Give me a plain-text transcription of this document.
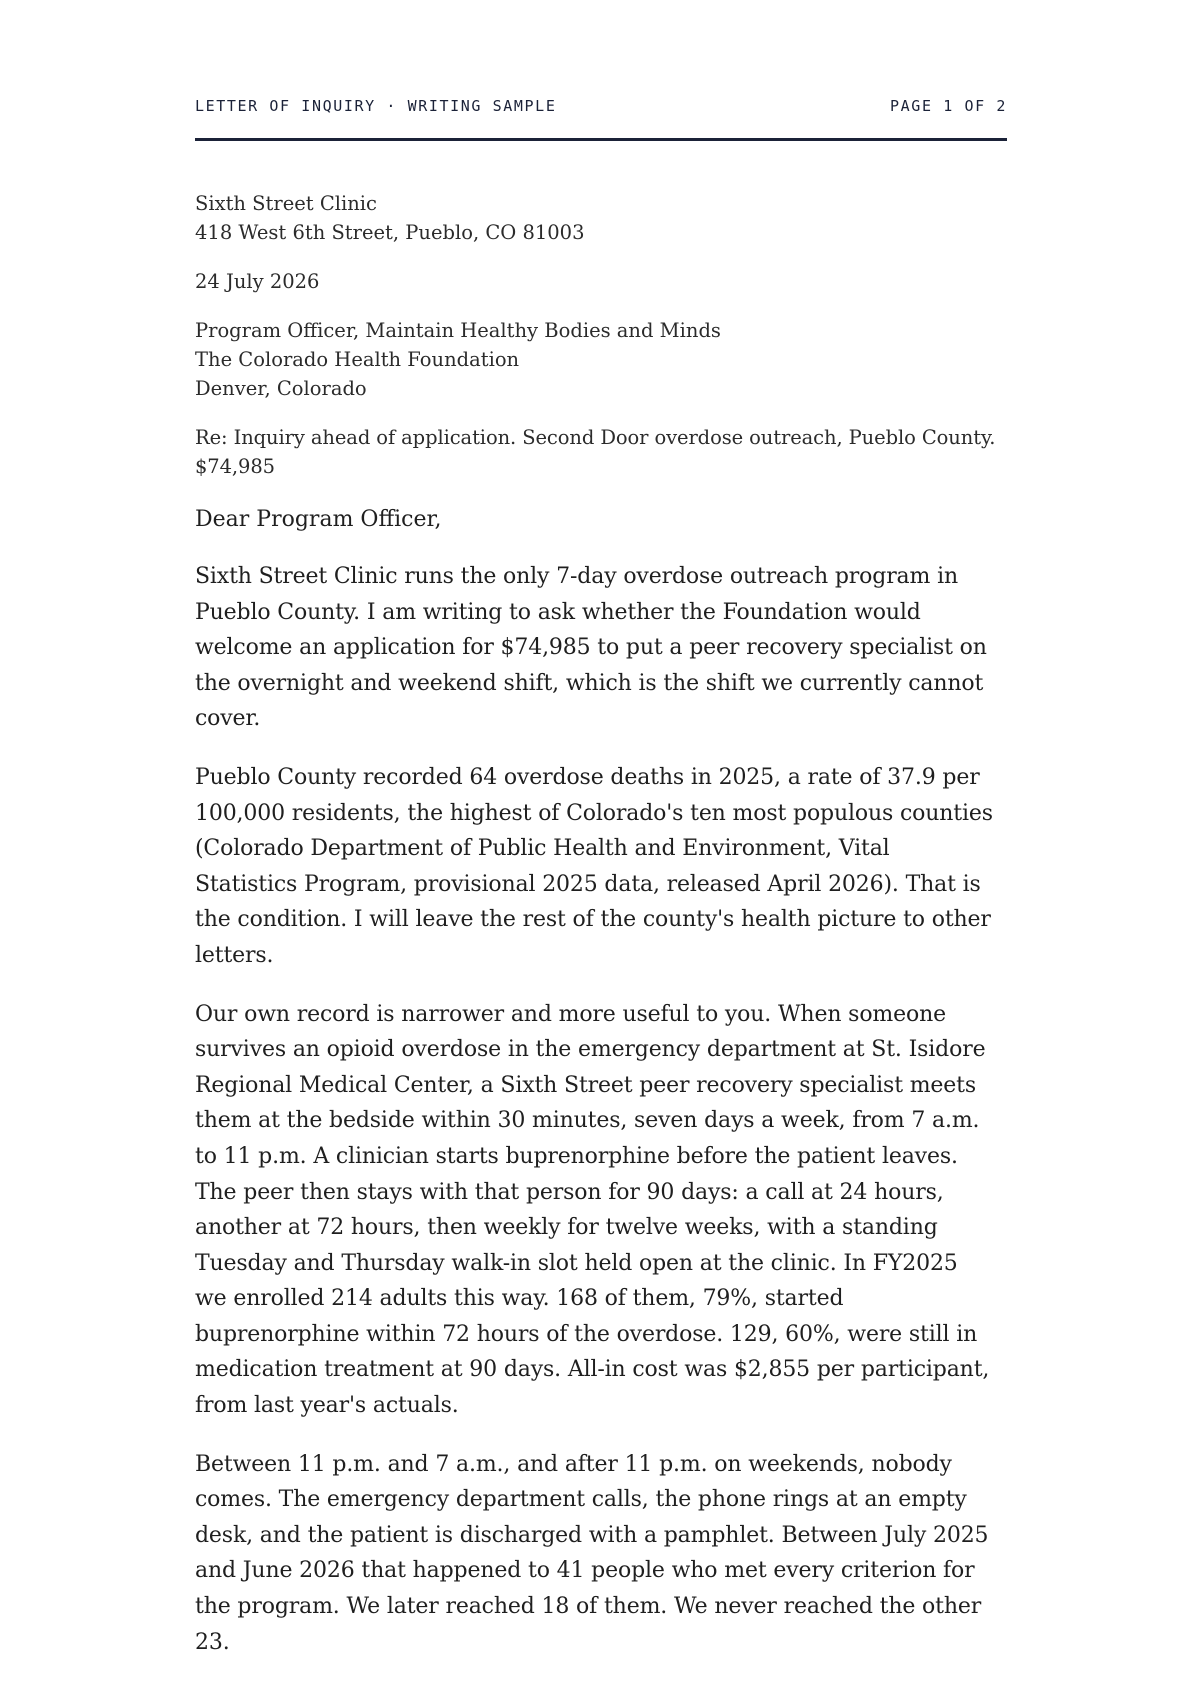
LETTER OF INQUIRY · WRITING SAMPLE	PAGE 1 OF 2

Sixth Street Clinic
418 West 6th Street, Pueblo, CO 81003

24 July 2026

Program Officer, Maintain Healthy Bodies and Minds
The Colorado Health Foundation
Denver, Colorado

Re: Inquiry ahead of application. Second Door overdose outreach, Pueblo County.
$74,985

Dear Program Officer,

Sixth Street Clinic runs the only 7-day overdose outreach program in
Pueblo County. I am writing to ask whether the Foundation would
welcome an application for $74,985 to put a peer recovery specialist on
the overnight and weekend shift, which is the shift we currently cannot
cover.

Pueblo County recorded 64 overdose deaths in 2025, a rate of 37.9 per
100,000 residents, the highest of Colorado's ten most populous counties
(Colorado Department of Public Health and Environment, Vital
Statistics Program, provisional 2025 data, released April 2026). That is
the condition. I will leave the rest of the county's health picture to other
letters.

Our own record is narrower and more useful to you. When someone
survives an opioid overdose in the emergency department at St. Isidore
Regional Medical Center, a Sixth Street peer recovery specialist meets
them at the bedside within 30 minutes, seven days a week, from 7 a.m.
to 11 p.m. A clinician starts buprenorphine before the patient leaves.
The peer then stays with that person for 90 days: a call at 24 hours,
another at 72 hours, then weekly for twelve weeks, with a standing
Tuesday and Thursday walk-in slot held open at the clinic. In FY2025
we enrolled 214 adults this way. 168 of them, 79%, started
buprenorphine within 72 hours of the overdose. 129, 60%, were still in
medication treatment at 90 days. All-in cost was $2,855 per participant,
from last year's actuals.

Between 11 p.m. and 7 a.m., and after 11 p.m. on weekends, nobody
comes. The emergency department calls, the phone rings at an empty
desk, and the patient is discharged with a pamphlet. Between July 2025
and June 2026 that happened to 41 people who met every criterion for
the program. We later reached 18 of them. We never reached the other
23.
